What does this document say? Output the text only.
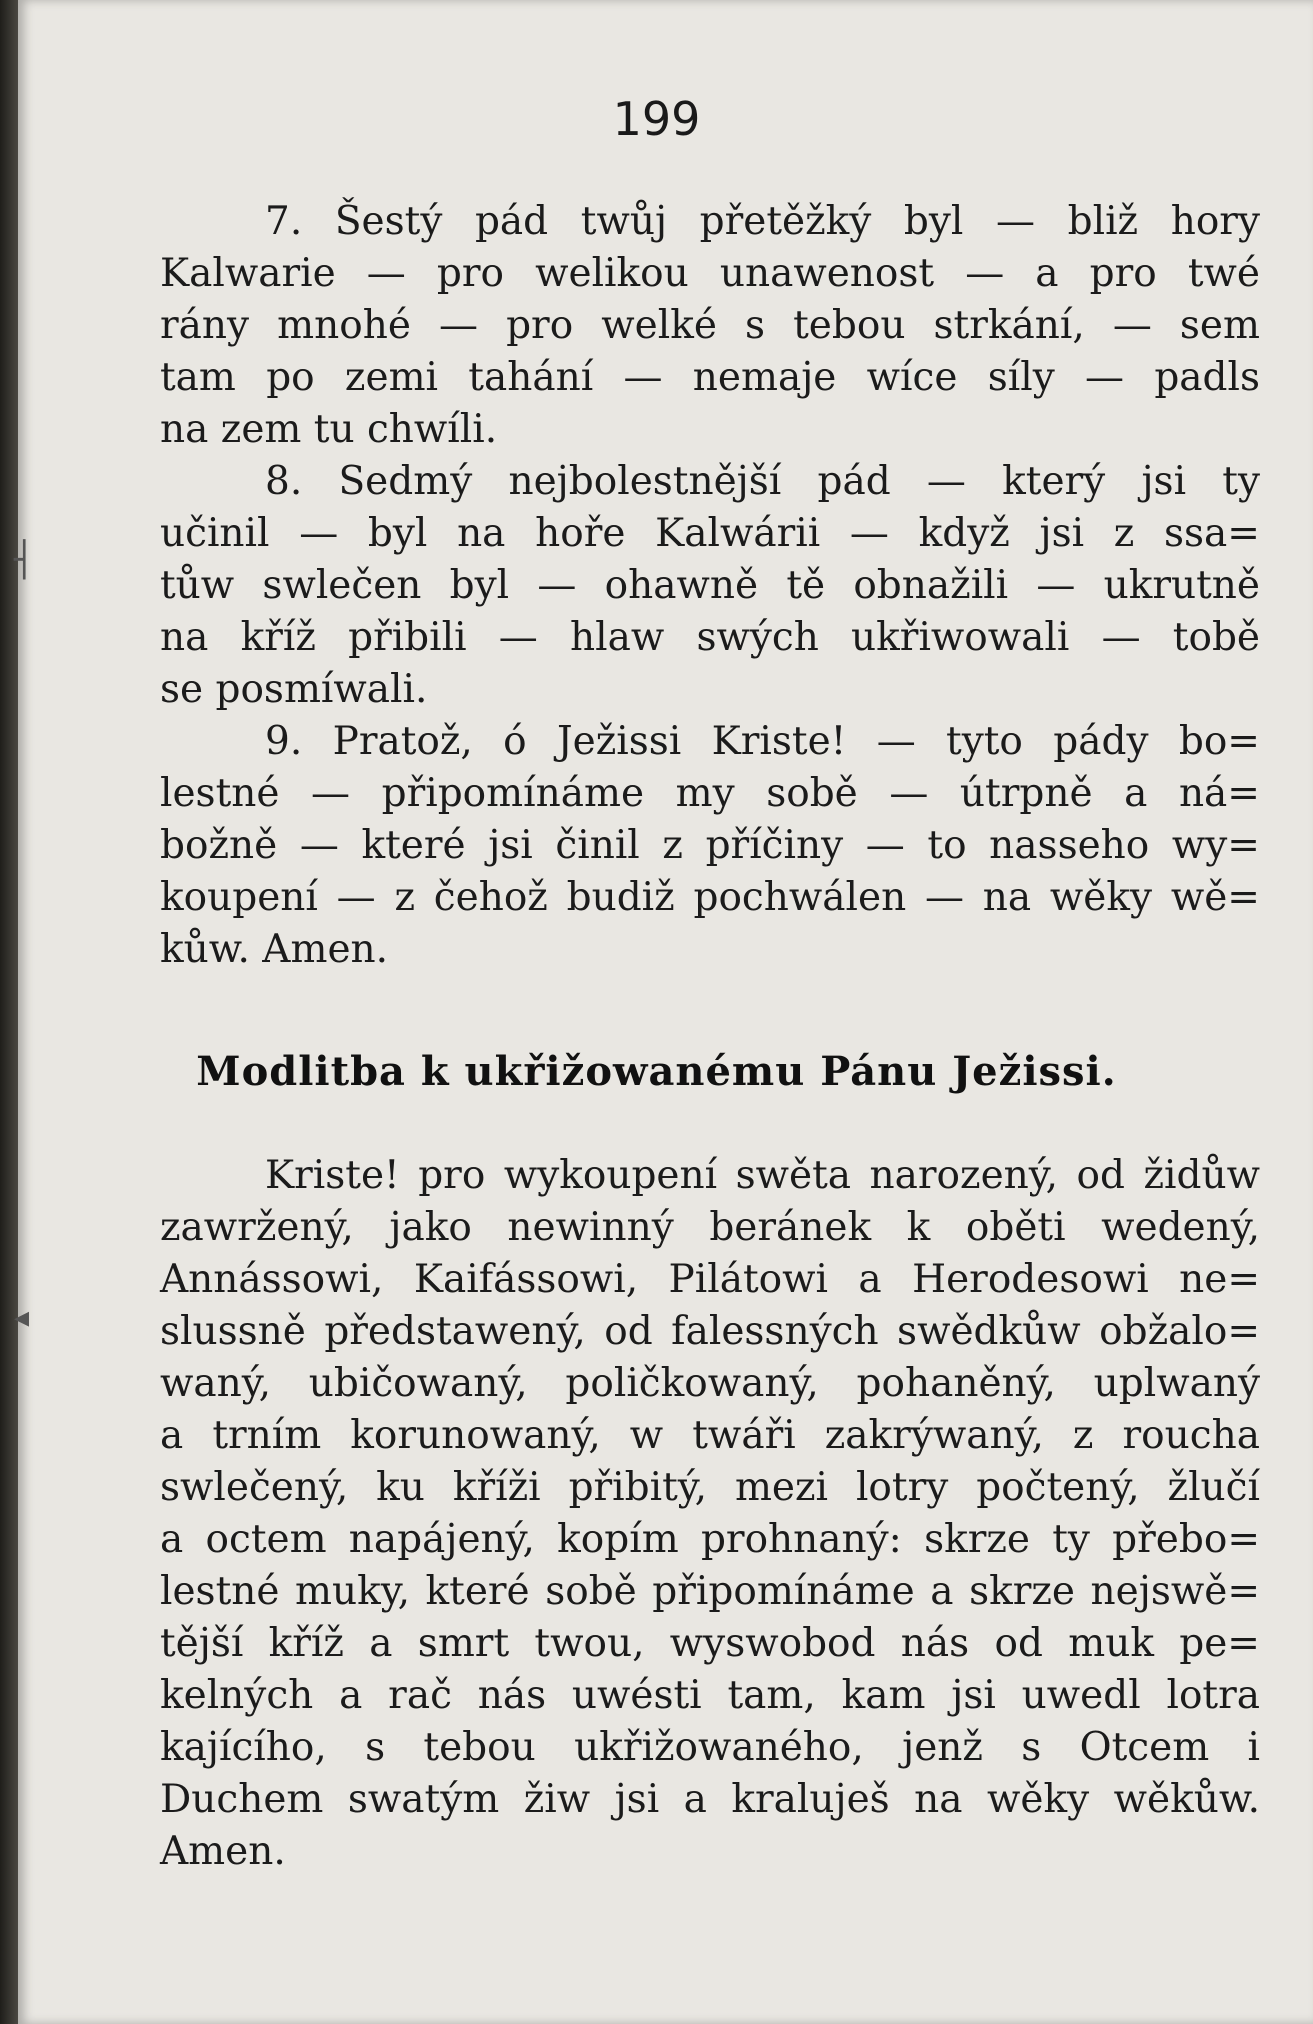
199
7. Šestý pád twůj přetěžký byl — bliž hory
Kalwarie — pro welikou unawenost — a pro twé
rány mnohé — pro welké s tebou strkání, — sem
tam po zemi tahání — nemaje wíce síly — padls
na zem tu chwíli.
8. Sedmý nejbolestnější pád — který jsi ty
učinil — byl na hoře Kalwárii — když jsi z ssa=
tůw swlečen byl — ohawně tě obnažili — ukrutně
na kříž přibili — hlaw swých ukřiwowali — tobě
se posmíwali.
9. Pratož, ó Ježissi Kriste! — tyto pády bo=
lestné — připomínáme my sobě — útrpně a ná=
božně — které jsi činil z příčiny — to nasseho wy=
koupení — z čehož budiž pochwálen — na wěky wě=
kůw. Amen.
Modlitba k ukřižowanému Pánu Ježissi.
Kriste! pro wykoupení swěta narozený, od židůw
zawržený, jako newinný beránek k oběti wedený,
Annássowi, Kaifássowi, Pilátowi a Herodesowi ne=
slussně předstawený, od falessných swědkůw obžalo=
waný, ubičowaný, poličkowaný, pohaněný, uplwaný
a trním korunowaný, w twáři zakrýwaný, z roucha
swlečený, ku kříži přibitý, mezi lotry počtený, žlučí
a octem napájený, kopím prohnaný: skrze ty přebo=
lestné muky, které sobě připomínáme a skrze nejswě=
tější kříž a smrt twou, wyswobod nás od muk pe=
kelných a rač nás uwésti tam, kam jsi uwedl lotra
kajícího, s tebou ukřižowaného, jenž s Otcem i
Duchem swatým žiw jsi a kraluješ na wěky wěkůw.
Amen.
┤
◂
